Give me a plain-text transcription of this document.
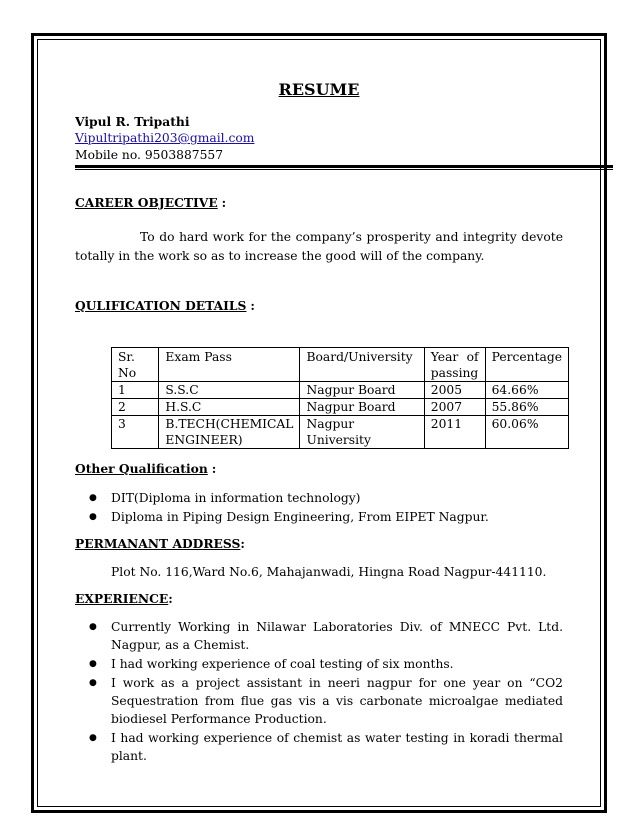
RESUME
Vipul R. Tripathi
Vipultripathi203@gmail.com
Mobile no. 9503887557
CAREER OBJECTIVE :
To do hard work for the company’s prosperity and integrity devote totally in the work so as to increase the good will of the company.
QULIFICATION DETAILS :
Other Qualification :
PERMANANT ADDRESS:
Plot No. 116,Ward No.6, Mahajanwadi, Hingna Road Nagpur-441110.
EXPERIENCE:
Sr. No	Exam Pass	Board/University	Year of passing	Percentage
1	S.S.C	Nagpur Board	2005	64.66%
2	H.S.C	Nagpur Board	2007	55.86%
3	B.TECH(CHEMICAL ENGINEER)	Nagpur University	2011	60.06%
● DIT(Diploma in information technology)
● Diploma in Piping Design Engineering, From EIPET Nagpur.
● Currently Working in Nilawar Laboratories Div. of MNECC Pvt. Ltd. Nagpur, as a Chemist.
● I had working experience of coal testing of six months.
● I work as a project assistant in neeri nagpur for one year on “CO2 Sequestration from flue gas vis a vis carbonate microalgae mediated biodiesel Performance Production.
● I had working experience of chemist as water testing in koradi thermal plant.
